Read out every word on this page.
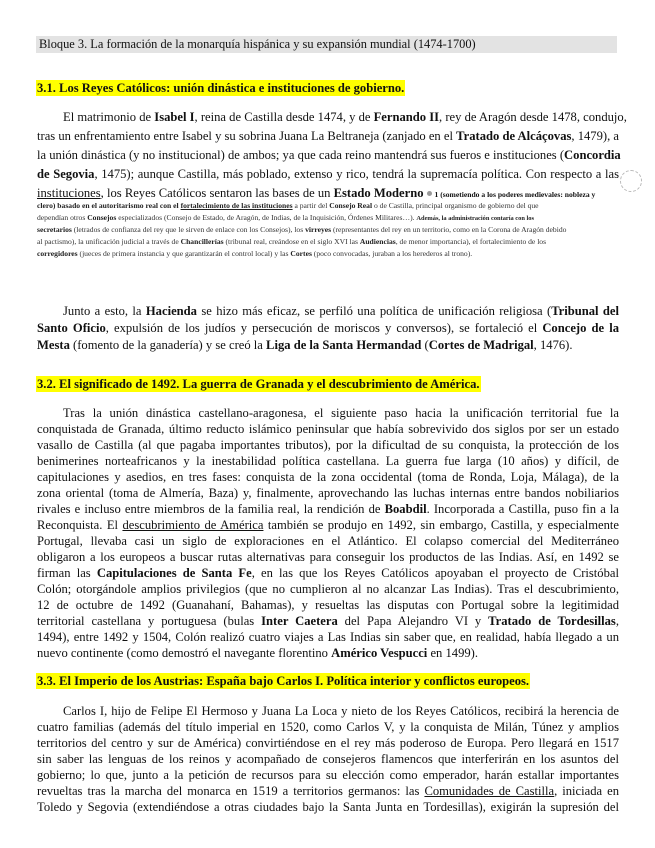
Bloque 3. La formación de la monarquía hispánica y su expansión mundial (1474-1700)
3.1. Los Reyes Católicos: unión dinástica e instituciones de gobierno.
El matrimonio de Isabel I, reina de Castilla desde 1474, y de Fernando II, rey de Aragón desde 1478, condujo,
tras un enfrentamiento entre Isabel y su sobrina Juana La Beltraneja (zanjado en el Tratado de Alcáçovas, 1479), a
la unión dinástica (y no institucional) de ambos; ya que cada reino mantendrá sus fueros e instituciones (Concordia
de Segovia, 1475); aunque Castilla, más poblado, extenso y rico, tendrá la supremacía política. Con respecto a las
instituciones, los Reyes Católicos sentaron las bases de un Estado Moderno 1 (sometiendo a los poderes medievales: nobleza y
clero) basado en el autoritarismo real con el fortalecimiento de las instituciones a partir del Consejo Real o de Castilla, principal organismo de gobierno del que
dependían otros Consejos especializados (Consejo de Estado, de Aragón, de Indias, de la Inquisición, Órdenes Militares…). Además, la administración contaría con los
secretarios (letrados de confianza del rey que le sirven de enlace con los Consejos), los virreyes (representantes del rey en un territorio, como en la Corona de Aragón debido
al pactismo), la unificación judicial a través de Chancillerías (tribunal real, creándose en el siglo XVI las Audiencias, de menor importancia), el fortalecimiento de los
corregidores (jueces de primera instancia y que garantizarán el control local) y las Cortes (poco convocadas, juraban a los herederos al trono).
Junto a esto, la Hacienda se hizo más eficaz, se perfiló una política de unificación religiosa (Tribunal del
Santo Oficio, expulsión de los judíos y persecución de moriscos y conversos), se fortaleció el Concejo de la
Mesta (fomento de la ganadería) y se creó la Liga de la Santa Hermandad (Cortes de Madrigal, 1476).
3.2. El significado de 1492. La guerra de Granada y el descubrimiento de América.
Tras la unión dinástica castellano-aragonesa, el siguiente paso hacia la unificación territorial fue la
conquistada de Granada, último reducto islámico peninsular que había sobrevivido dos siglos por ser un estado
vasallo de Castilla (al que pagaba importantes tributos), por la dificultad de su conquista, la protección de los
benimerines norteafricanos y la inestabilidad política castellana. La guerra fue larga (10 años) y difícil, de
capitulaciones y asedios, en tres fases: conquista de la zona occidental (toma de Ronda, Loja, Málaga), de la
zona oriental (toma de Almería, Baza) y, finalmente, aprovechando las luchas internas entre bandos nobiliarios
rivales e incluso entre miembros de la familia real, la rendición de Boabdil. Incorporada a Castilla, puso fin a la
Reconquista. El descubrimiento de América también se produjo en 1492, sin embargo, Castilla, y especialmente
Portugal, llevaba casi un siglo de exploraciones en el Atlántico. El colapso comercial del Mediterráneo
obligaron a los europeos a buscar rutas alternativas para conseguir los productos de las Indias. Así, en 1492 se
firman las Capitulaciones de Santa Fe, en las que los Reyes Católicos apoyaban el proyecto de Cristóbal
Colón; otorgándole amplios privilegios (que no cumplieron al no alcanzar Las Indias). Tras el descubrimiento,
12 de octubre de 1492 (Guanahaní, Bahamas), y resueltas las disputas con Portugal sobre la legitimidad
territorial castellana y portuguesa (bulas Inter Caetera del Papa Alejandro VI y Tratado de Tordesillas,
1494), entre 1492 y 1504, Colón realizó cuatro viajes a Las Indias sin saber que, en realidad, había llegado a un
nuevo continente (como demostró el navegante florentino Américo Vespucci en 1499).
3.3. El Imperio de los Austrias: España bajo Carlos I. Política interior y conflictos europeos.
Carlos I, hijo de Felipe El Hermoso y Juana La Loca y nieto de los Reyes Católicos, recibirá la herencia de
cuatro familias (además del título imperial en 1520, como Carlos V, y la conquista de Milán, Túnez y amplios
territorios del centro y sur de América) convirtiéndose en el rey más poderoso de Europa. Pero llegará en 1517
sin saber las lenguas de los reinos y acompañado de consejeros flamencos que interferirán en los asuntos del
gobierno; lo que, junto a la petición de recursos para su elección como emperador, harán estallar importantes
revueltas tras la marcha del monarca en 1519 a territorios germanos: las Comunidades de Castilla, iniciada en
Toledo y Segovia (extendiéndose a otras ciudades bajo la Santa Junta en Tordesillas), exigirán la supresión del
